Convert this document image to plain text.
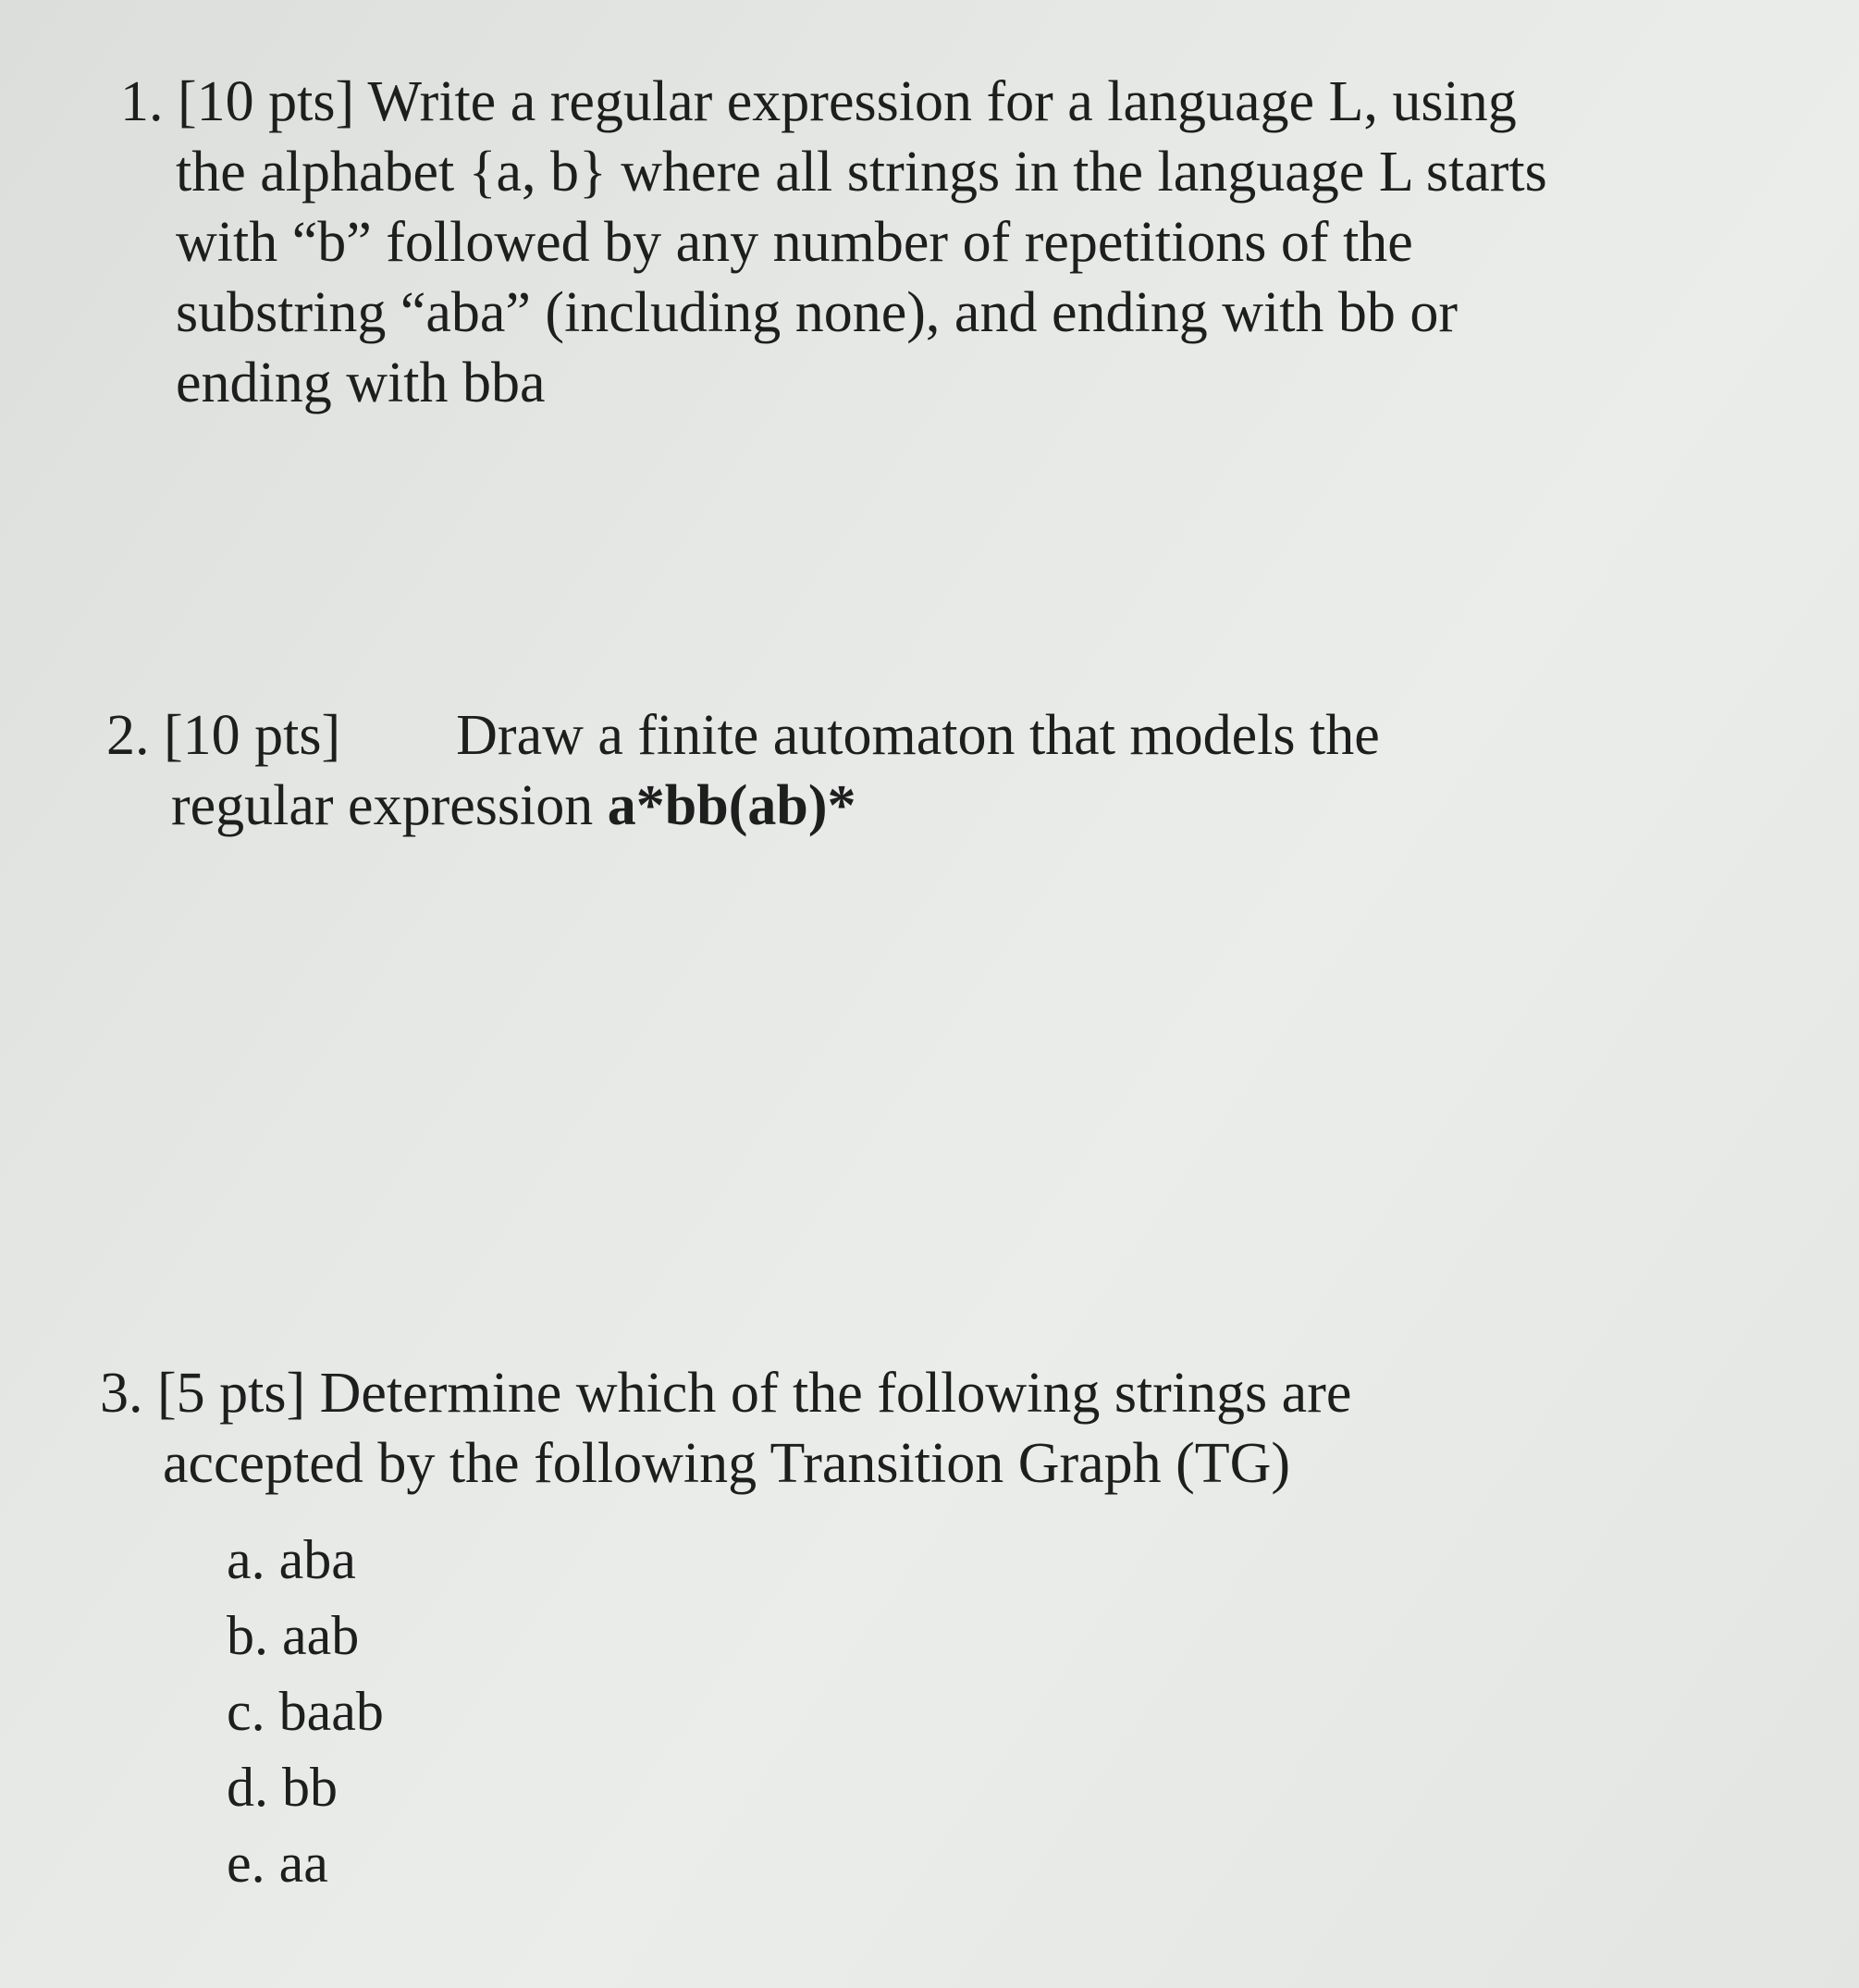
1. [10 pts] Write a regular expression for a language L, using
the alphabet {a, b} where all strings in the language L starts
with “b” followed by any number of repetitions of the
substring “aba” (including none), and ending with bb or
ending with bba
2. [10 pts] Draw a finite automaton that models the
regular expression a*bb(ab)*
3. [5 pts] Determine which of the following strings are
accepted by the following Transition Graph (TG)
a. aba
b. aab
c. baab
d. bb
e. aa
